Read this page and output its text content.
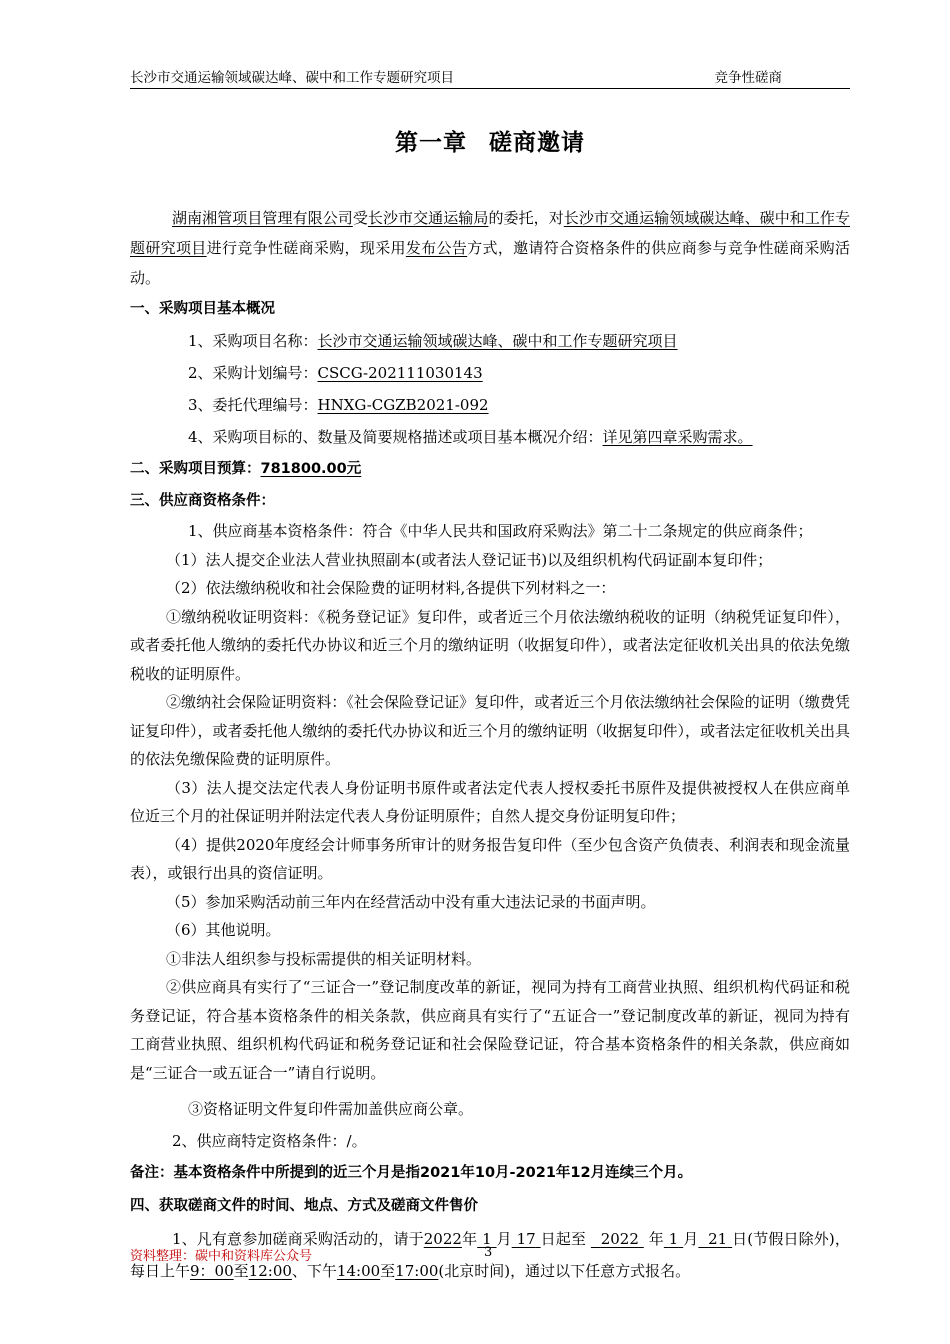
长沙市交通运输领域碳达峰、碳中和工作专题研究项目	竞争性磋商
第一章 磋商邀请

湖南湘管项目管理有限公司受长沙市交通运输局的委托，对长沙市交通运输领域碳达峰、碳中和工作专题研究项目进行竞争性磋商采购，现采用发布公告方式，邀请符合资格条件的供应商参与竞争性磋商采购活动。

一、采购项目基本概况

1、采购项目名称：长沙市交通运输领域碳达峰、碳中和工作专题研究项目

2、采购计划编号：CSCG-202111030143

3、委托代理编号：HNXG-CGZB2021-092

4、采购项目标的、数量及简要规格描述或项目基本概况介绍：详见第四章采购需求。

二、采购项目预算：781800.00元

三、供应商资格条件：

1、供应商基本资格条件：符合《中华人民共和国政府采购法》第二十二条规定的供应商条件；

（1）法人提交企业法人营业执照副本(或者法人登记证书)以及组织机构代码证副本复印件；

（2）依法缴纳税收和社会保险费的证明材料,各提供下列材料之一：

①缴纳税收证明资料：《税务登记证》复印件，或者近三个月依法缴纳税收的证明（纳税凭证复印件），或者委托他人缴纳的委托代办协议和近三个月的缴纳证明（收据复印件），或者法定征收机关出具的依法免缴税收的证明原件。

②缴纳社会保险证明资料：《社会保险登记证》复印件，或者近三个月依法缴纳社会保险的证明（缴费凭证复印件），或者委托他人缴纳的委托代办协议和近三个月的缴纳证明（收据复印件），或者法定征收机关出具的依法免缴保险费的证明原件。

（3）法人提交法定代表人身份证明书原件或者法定代表人授权委托书原件及提供被授权人在供应商单位近三个月的社保证明并附法定代表人身份证明原件；自然人提交身份证明复印件；

（4）提供2020年度经会计师事务所审计的财务报告复印件（至少包含资产负债表、利润表和现金流量表），或银行出具的资信证明。

（5）参加采购活动前三年内在经营活动中没有重大违法记录的书面声明。

（6）其他说明。

①非法人组织参与投标需提供的相关证明材料。

②供应商具有实行了“三证合一”登记制度改革的新证，视同为持有工商营业执照、组织机构代码证和税务登记证，符合基本资格条件的相关条款，供应商具有实行了“五证合一”登记制度改革的新证，视同为持有工商营业执照、组织机构代码证和税务登记证和社会保险登记证，符合基本资格条件的相关条款，供应商如是“三证合一或五证合一”请自行说明。

③资格证明文件复印件需加盖供应商公章。

2、供应商特定资格条件：/。

备注：基本资格条件中所提到的近三个月是指2021年10月-2021年12月连续三个月。

四、获取磋商文件的时间、地点、方式及磋商文件售价

1、凡有意参加磋商采购活动的，请于2022年 1 月 17 日起至 2022 年 1 月 21 日(节假日除外)，每日上午9：00至12:00、下午14:00至17:00(北京时间)，通过以下任意方式报名。

资料整理：碳中和资料库公众号	3
